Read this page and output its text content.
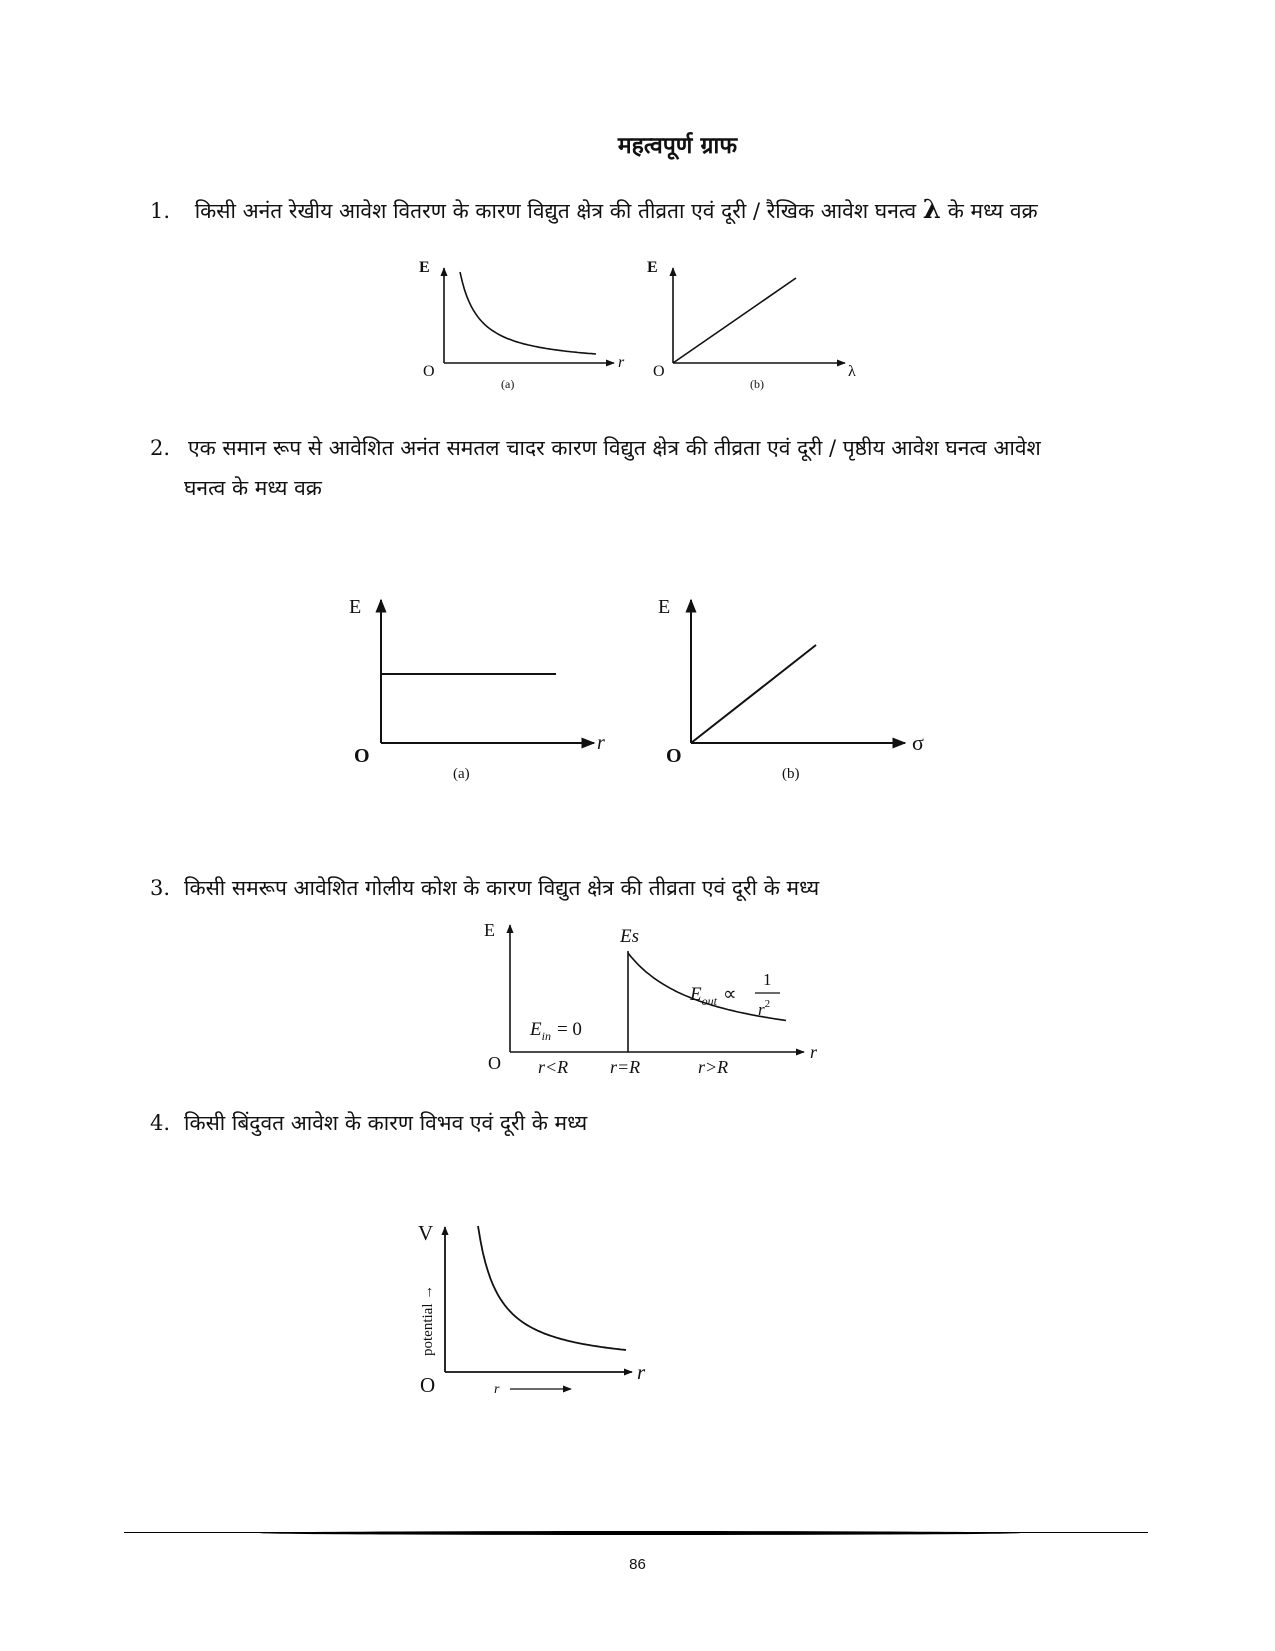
महत्वपूर्ण ग्राफ
1. किसी अनंत रेखीय आवेश वितरण के कारण विद्युत क्षेत्र की तीव्रता एवं दूरी / रैखिक आवेश घनत्व λ के मध्य वक्र
E
O
r
(a)
E
O	λ
(b)
E
O
r
(a)
E
O
σ
(b)
E
O
r
Es
$E_{in} = 0$
$E_{out}$ ∝
1
$r^2$
r<R r=R	r>R
V
O
r
potential →
r
2. एक समान रूप से आवेशित अनंत समतल चादर कारण विद्युत क्षेत्र की तीव्रता एवं दूरी / पृष्ठीय आवेश घनत्व आवेश
घनत्व के मध्य वक्र
3. किसी समरूप आवेशित गोलीय कोश के कारण विद्युत क्षेत्र की तीव्रता एवं दूरी के मध्य
4. किसी बिंदुवत आवेश के कारण विभव एवं दूरी के मध्य
86
